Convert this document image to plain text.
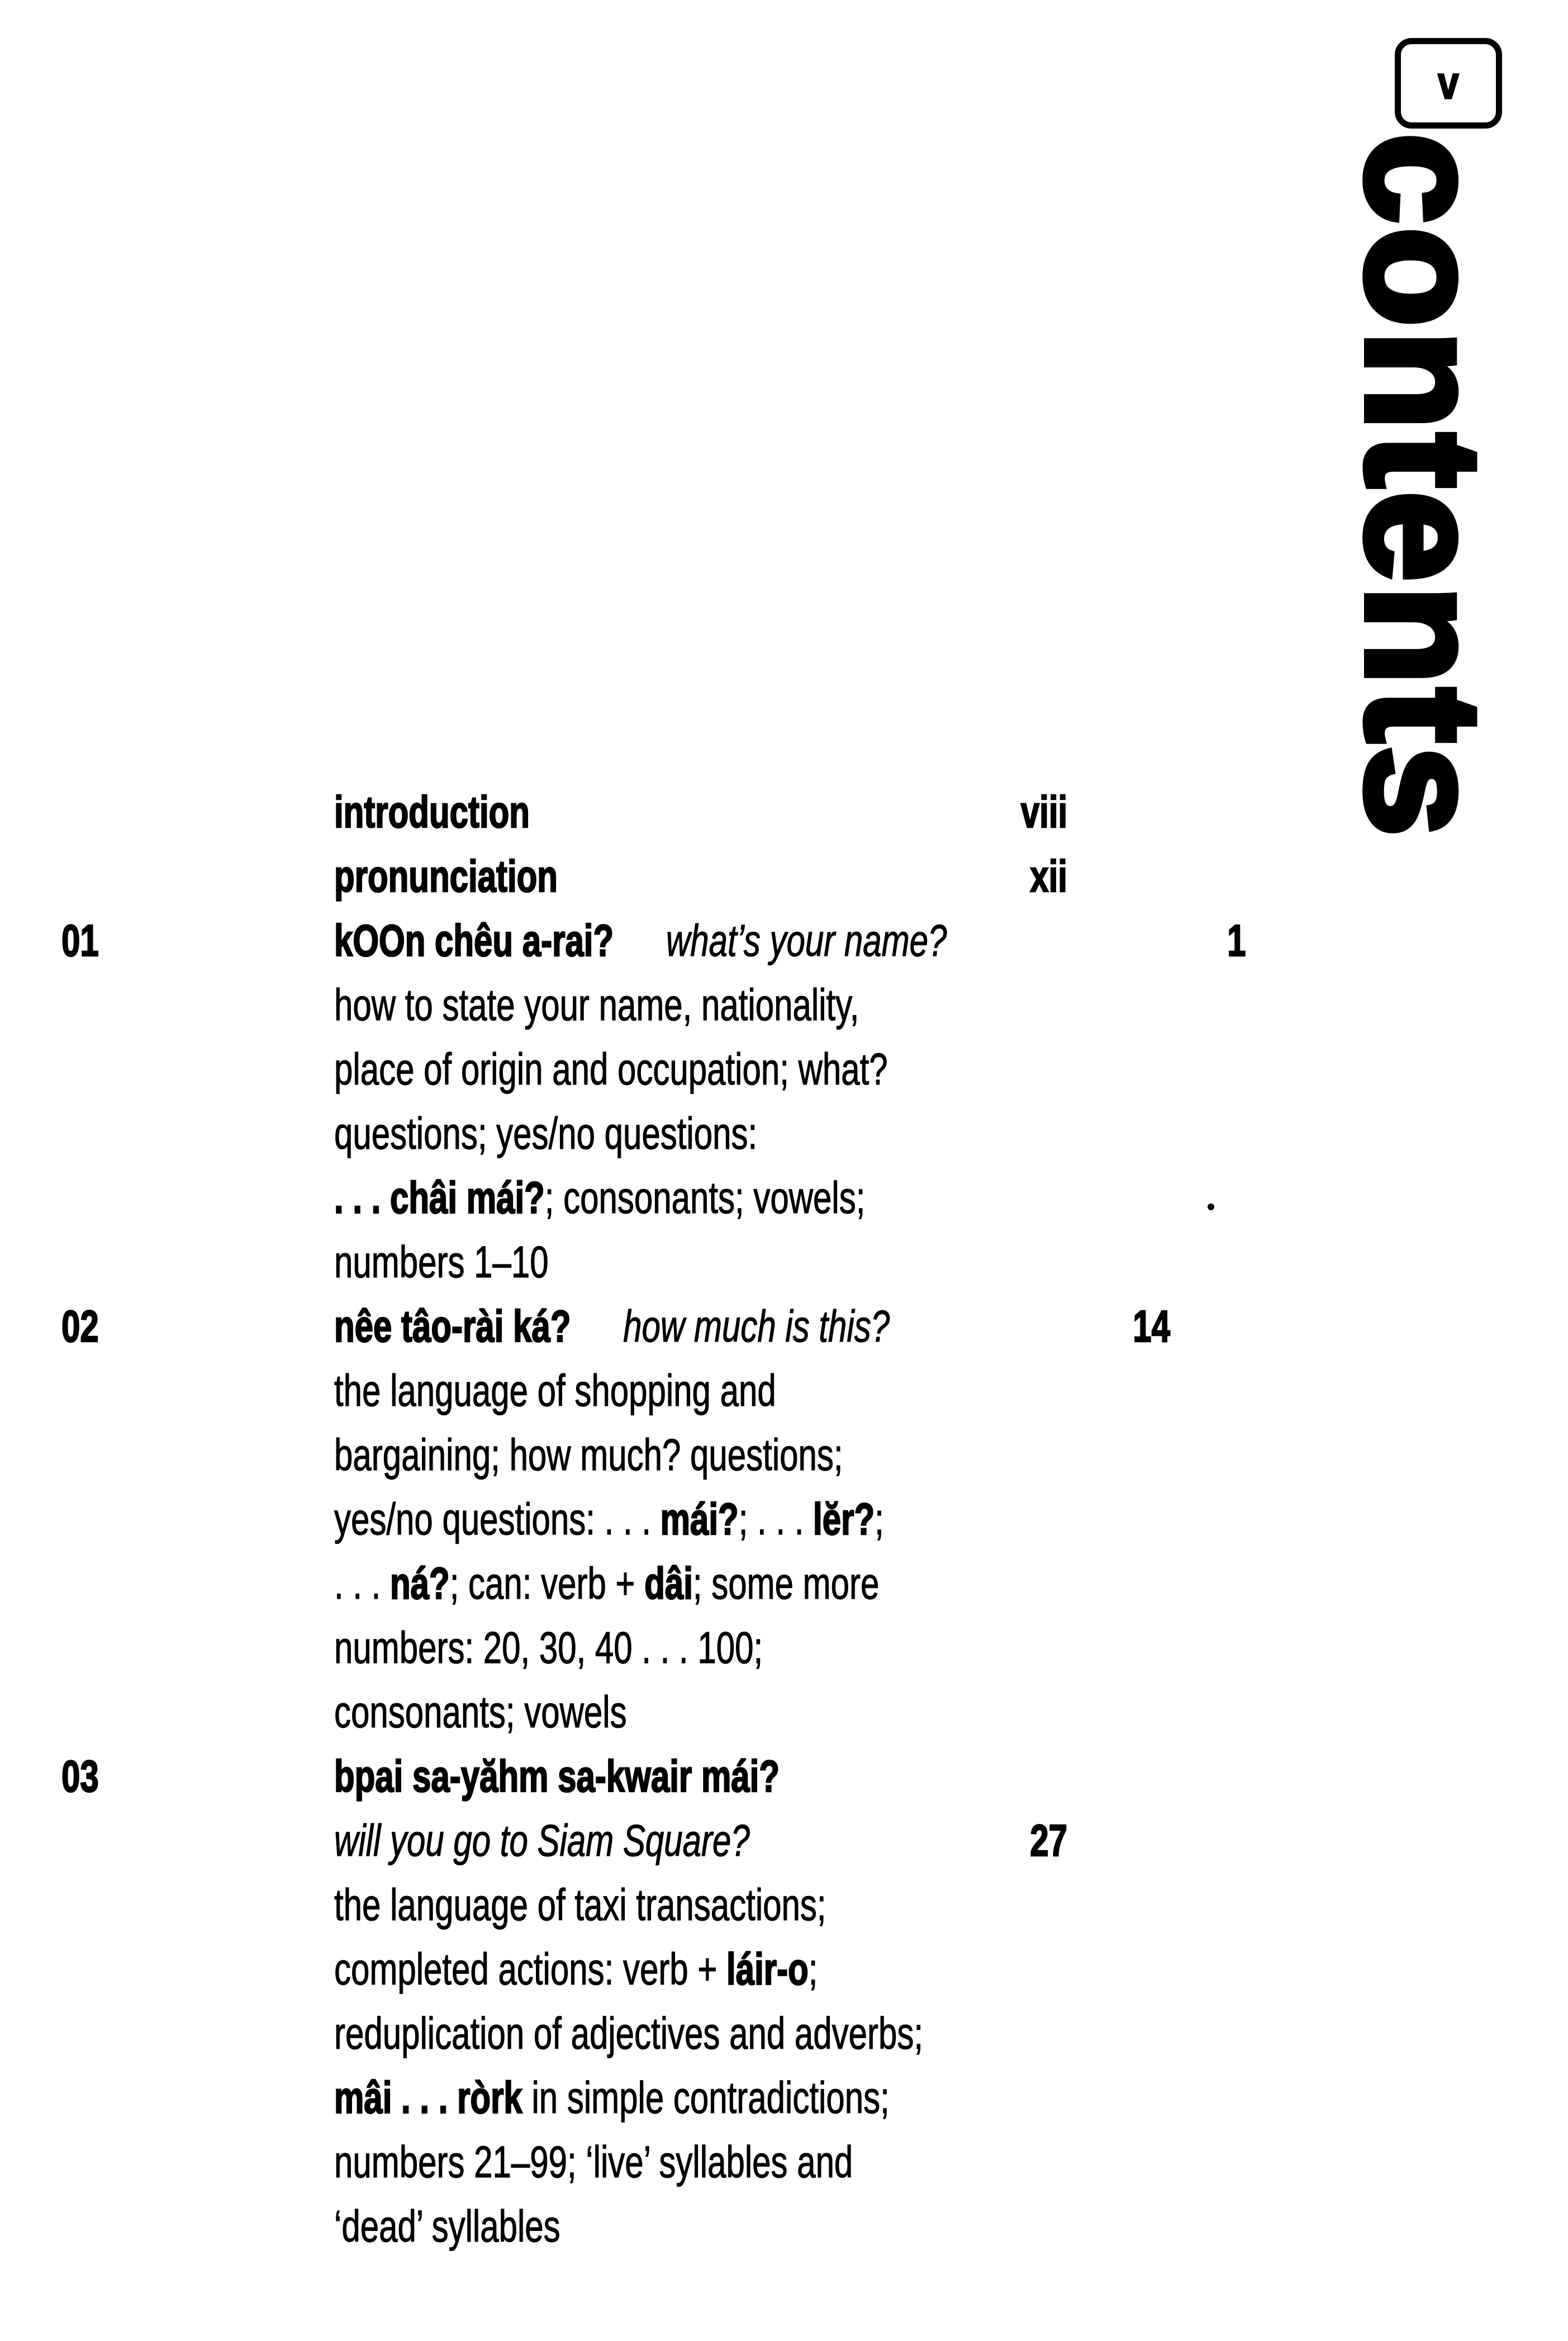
v
contents
introduction	viii
pronunciation	xii
01	kOOn chêu a-rai? what’s your name?	1
how to state your name, nationality,
place of origin and occupation; what?
questions; yes/no questions:
. . . châi mái?; consonants; vowels;
numbers 1–10
02	nêe tâo-rài ká? how much is this?	14
the language of shopping and
bargaining; how much? questions;
yes/no questions: . . . mái?; . . . lĕr?;
. . . ná?; can: verb + dâi; some more
numbers: 20, 30, 40 . . . 100;
consonants; vowels
03	bpai sa-yăhm sa-kwair mái?
will you go to Siam Square?	27
the language of taxi transactions;
completed actions: verb + láir-o;
reduplication of adjectives and adverbs;
mâi . . . ròrk in simple contradictions;
numbers 21–99; ‘live’ syllables and
‘dead’ syllables
